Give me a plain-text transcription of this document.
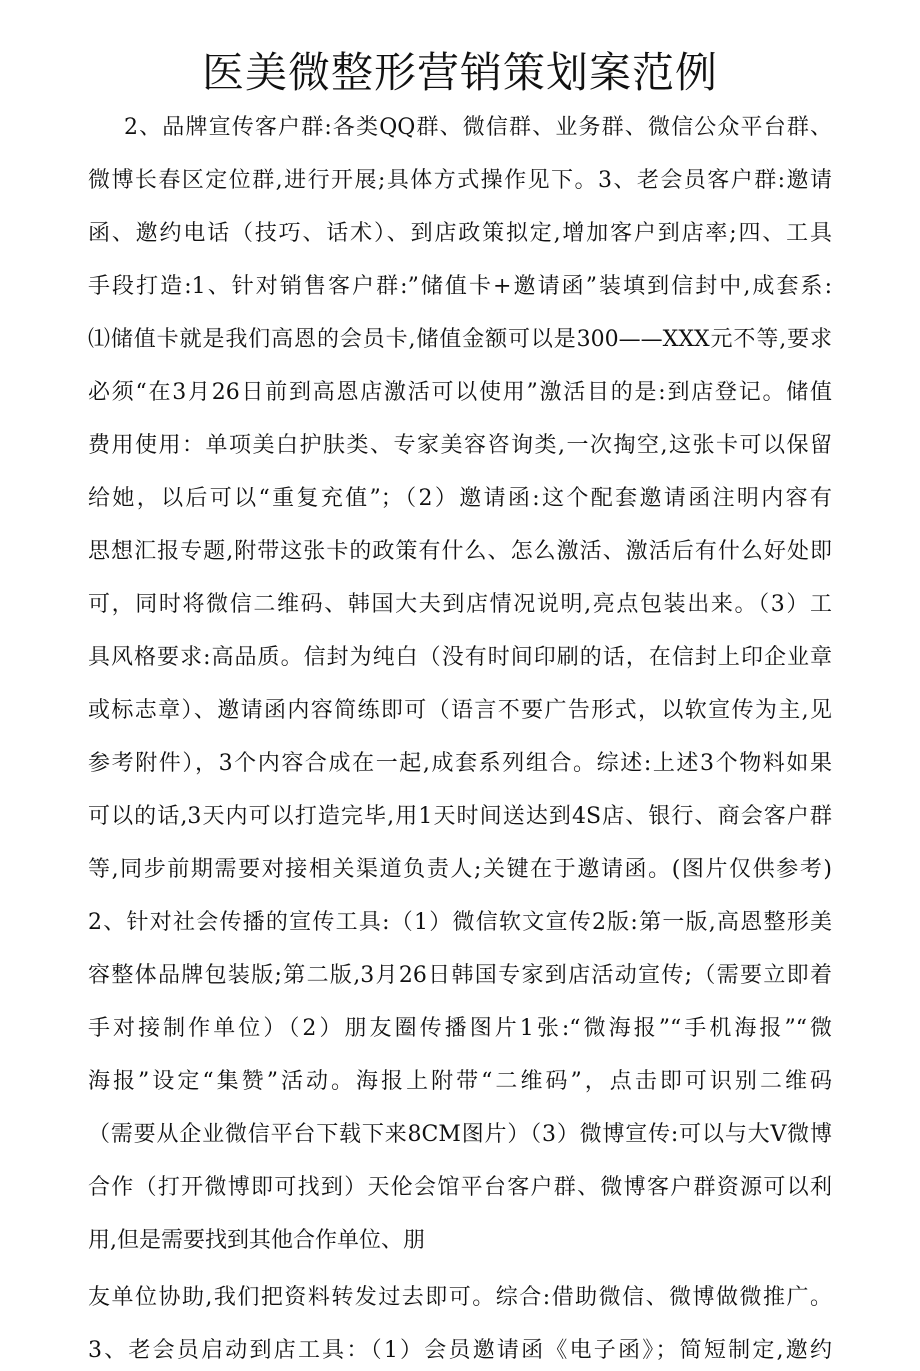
医美微整形营销策划案范例
2、品牌宣传客户群:各类QQ群、微信群、业务群、微信公众平台群、
微博长春区定位群,进行开展;具体方式操作见下。3、老会员客户群:邀请
函、邀约电话（技巧、话术）、到店政策拟定,增加客户到店率;四、工具
手段打造:1、针对销售客户群:”储值卡+邀请函”装填到信封中,成套系:
⑴储值卡就是我们高恩的会员卡,储值金额可以是300——XXX元不等,要求
必须“在3月26日前到高恩店激活可以使用”激活目的是:到店登记。储值
费用使用：单项美白护肤类、专家美容咨询类,一次掏空,这张卡可以保留
给她，以后可以“重复充值”；（2）邀请函:这个配套邀请函注明内容有
思想汇报专题,附带这张卡的政策有什么、怎么激活、激活后有什么好处即
可，同时将微信二维码、韩国大夫到店情况说明,亮点包装出来。（3）工
具风格要求:高品质。信封为纯白（没有时间印刷的话，在信封上印企业章
或标志章）、邀请函内容简练即可（语言不要广告形式，以软宣传为主,见
参考附件），3个内容合成在一起,成套系列组合。综述:上述3个物料如果
可以的话,3天内可以打造完毕,用1天时间送达到4S店、银行、商会客户群
等,同步前期需要对接相关渠道负责人;关键在于邀请函。(图片仅供参考)
2、针对社会传播的宣传工具:（1）微信软文宣传2版:第一版,高恩整形美
容整体品牌包装版;第二版,3月26日韩国专家到店活动宣传;（需要立即着
手对接制作单位）（2）朋友圈传播图片1张:“微海报”“手机海报”“微
海报”设定“集赞”活动。海报上附带“二维码”，点击即可识别二维码
（需要从企业微信平台下载下来8CM图片）（3）微博宣传:可以与大V微博
合作（打开微博即可找到）天伦会馆平台客户群、微博客户群资源可以利
用,但是需要找到其他合作单位、朋
友单位协助,我们把资料转发过去即可。综合:借助微信、微博做微推广。
3、老会员启动到店工具：（1）会员邀请函《电子函》；简短制定,邀约
